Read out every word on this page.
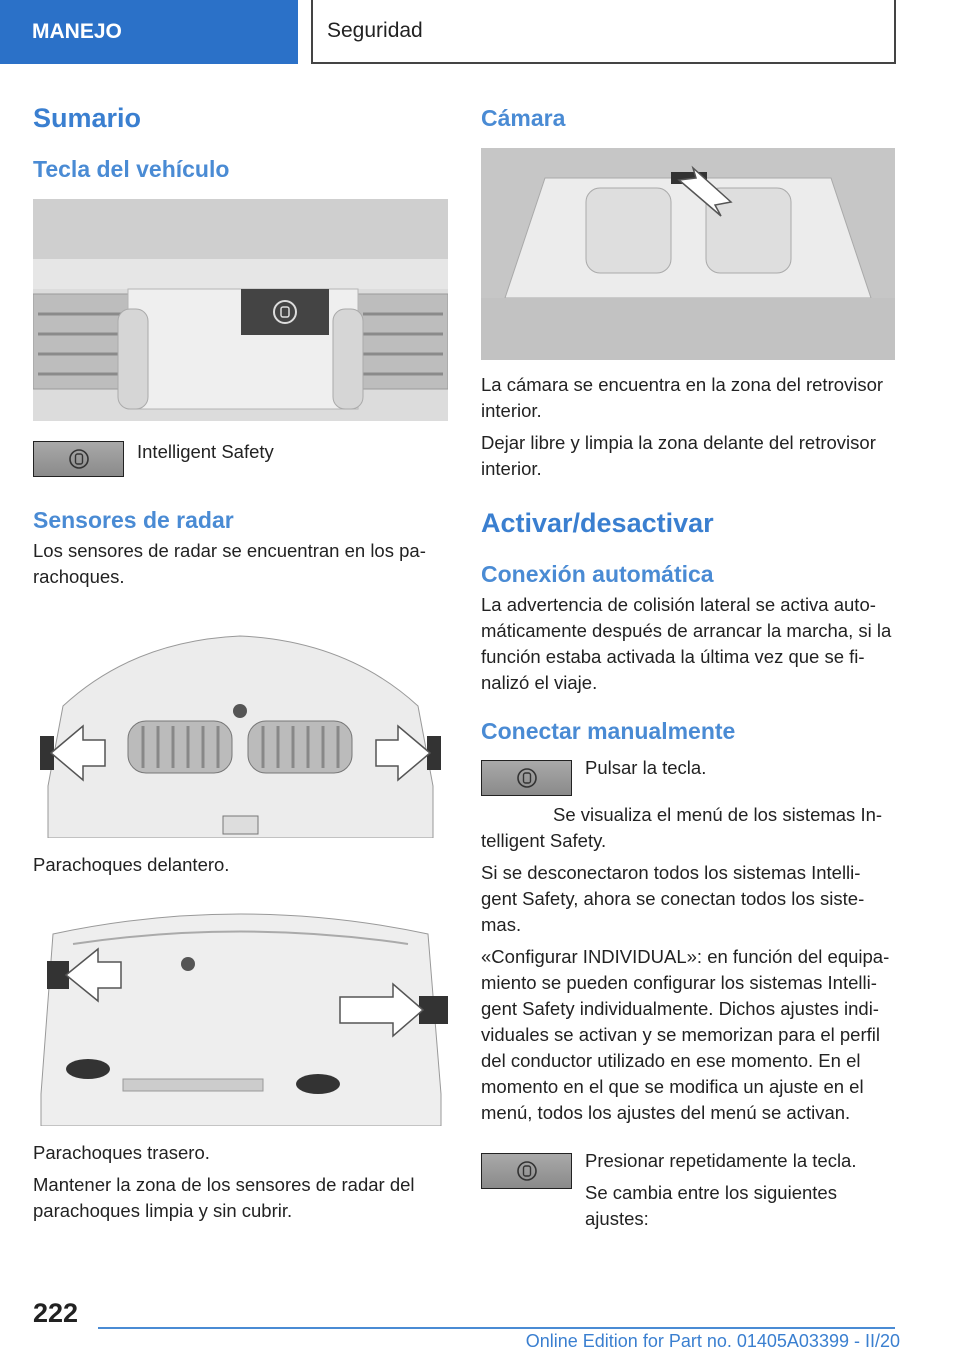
MANEJO	Seguridad
Sumario
Tecla del vehículo

Intelligent Safety

Sensores de radar

Los sensores de radar se encuentran en los pa-rachoques.

Parachoques delantero.

Parachoques trasero.

Mantener la zona de los sensores de radar del parachoques limpia y sin cubrir.

Cámara

La cámara se encuentra en la zona del retrovisor interior.

Dejar libre y limpia la zona delante del retrovisor interior.

Activar/desactivar
Conexión automática

La advertencia de colisión lateral se activa auto-máticamente después de arrancar la marcha, si la función estaba activada la última vez que se fi-nalizó el viaje.

Conectar manualmente

Pulsar la tecla.

Se visualiza el menú de los sistemas In-telligent Safety.

Si se desconectaron todos los sistemas Intelli-gent Safety, ahora se conectan todos los siste-mas.

«Configurar INDIVIDUAL»: en función del equipa-miento se pueden configurar los sistemas Intelli-gent Safety individualmente. Dichos ajustes indi-viduales se activan y se memorizan para el perfil del conductor utilizado en ese momento. En el momento en el que se modifica un ajuste en el menú, todos los ajustes del menú se activan.

Presionar repetidamente la tecla.

Se cambia entre los siguientes ajustes:

222
Online Edition for Part no. 01405A03399 - II/20
